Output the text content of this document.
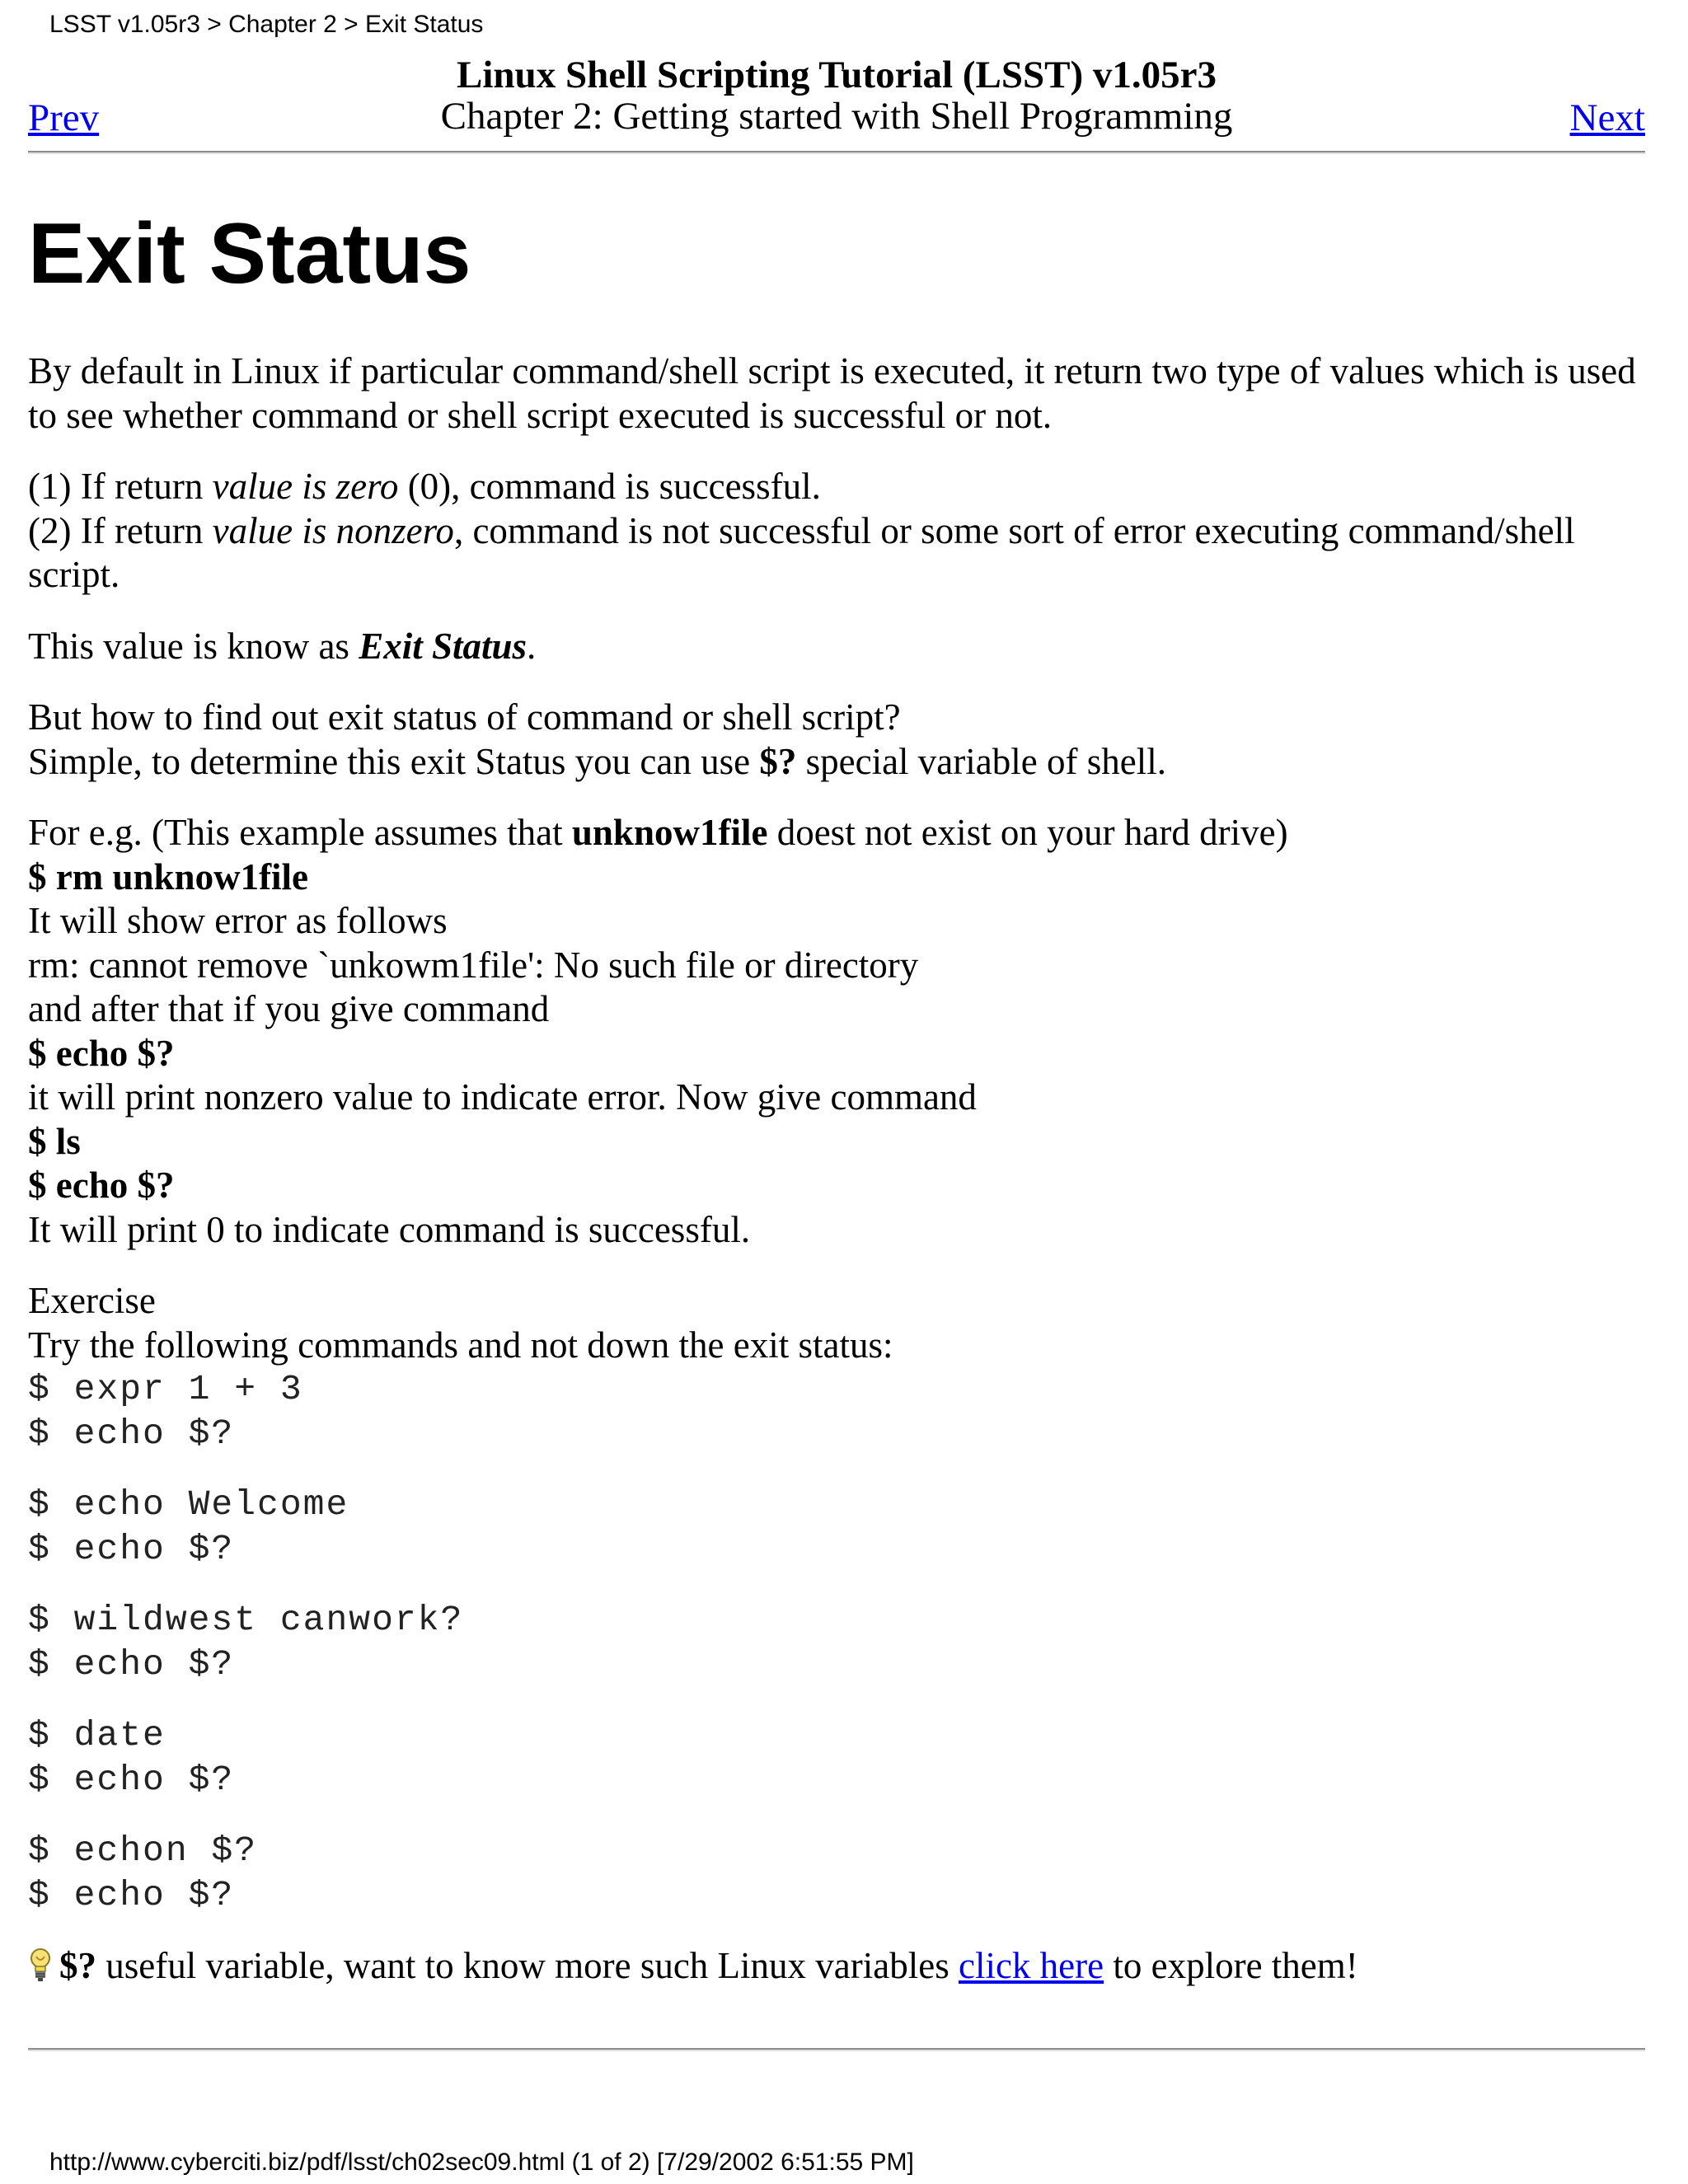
LSST v1.05r3 > Chapter 2 > Exit Status
Prev
Linux Shell Scripting Tutorial (LSST) v1.05r3
Chapter 2: Getting started with Shell Programming	Next
Exit Status

By default in Linux if particular command/shell script is executed, it return two type of values which is used to see whether command or shell script executed is successful or not.

(1) If return value is zero (0), command is successful.
(2) If return value is nonzero, command is not successful or some sort of error executing command/shell script.

This value is know as Exit Status.

But how to find out exit status of command or shell script?
Simple, to determine this exit Status you can use $? special variable of shell.

For e.g. (This example assumes that unknow1file doest not exist on your hard drive)
$ rm unknow1file
It will show error as follows
rm: cannot remove `unkowm1file': No such file or directory
and after that if you give command
$ echo $?
it will print nonzero value to indicate error. Now give command
$ ls
$ echo $?
It will print 0 to indicate command is successful.

Exercise
Try the following commands and not down the exit status:
$ expr 1 + 3
$ echo $?

$ echo Welcome
$ echo $?

$ wildwest canwork?
$ echo $?

$ date
$ echo $?

$ echon $?
$ echo $?

$? useful variable, want to know more such Linux variables click here to explore them!

http://www.cyberciti.biz/pdf/lsst/ch02sec09.html (1 of 2) [7/29/2002 6:51:55 PM]
